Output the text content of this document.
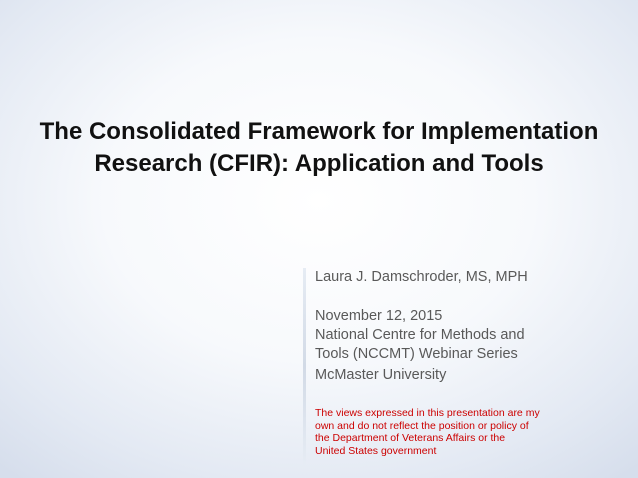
The Consolidated Framework for Implementation
Research (CFIR): Application and Tools
Laura J. Damschroder, MS, MPH
November 12, 2015
National Centre for Methods and
Tools (NCCMT) Webinar Series
McMaster University
The views expressed in this presentation are my
own and do not reflect the position or policy of
the Department of Veterans Affairs or the
United States government
